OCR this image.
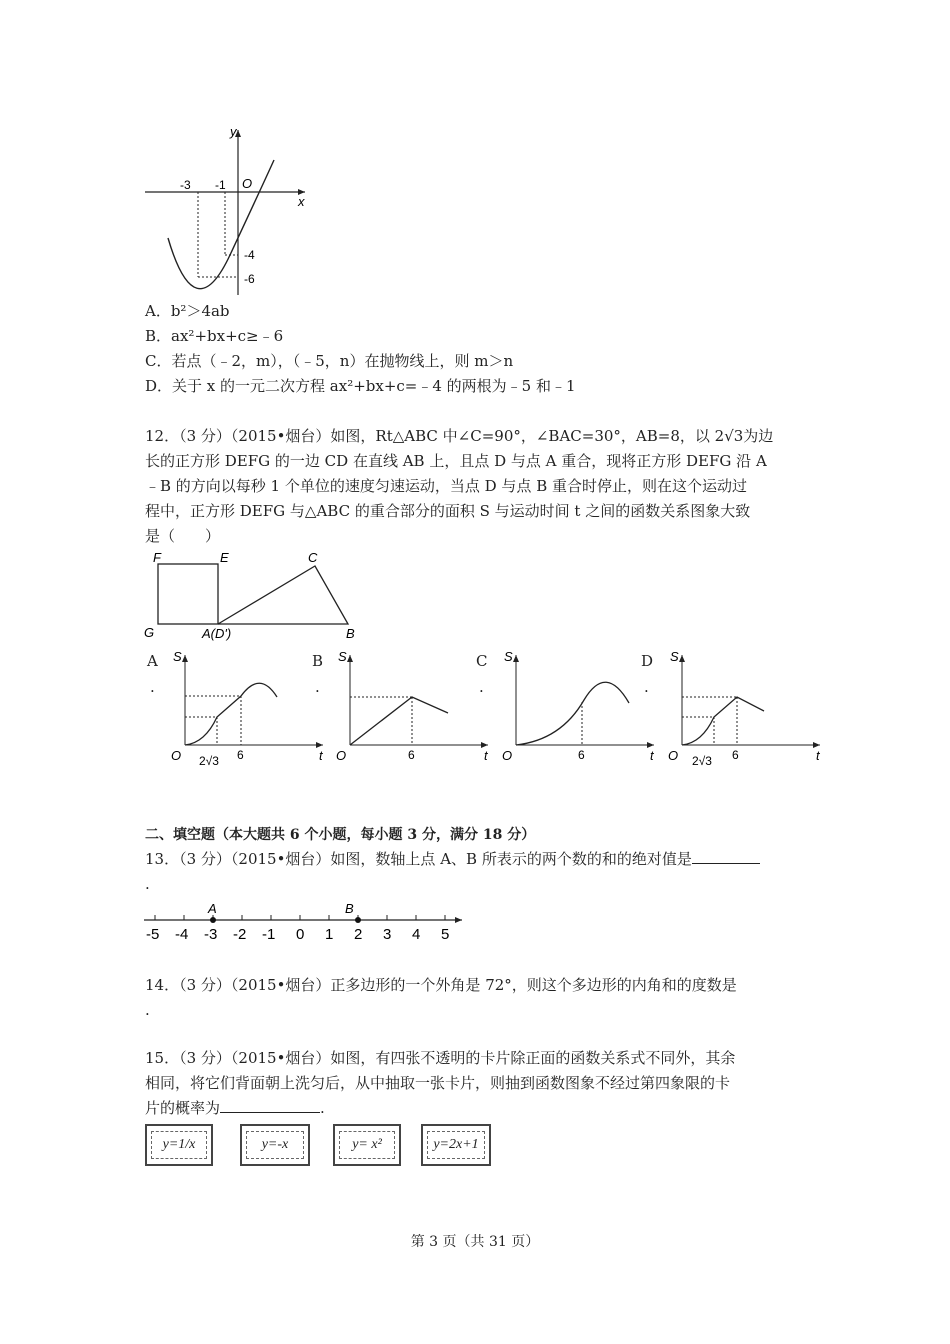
y
x
O
-3 -1
-4
-6
A．b²＞4ab
B．ax²+bx+c≥﹣6
C．若点（﹣2，m），（﹣5，n）在抛物线上，则 m＞n
D．关于 x 的一元二次方程 ax²+bx+c=﹣4 的两根为﹣5 和﹣1
12．（3 分）（2015•烟台）如图，Rt△ABC 中∠C=90°，∠BAC=30°，AB=8，以 2√3为边
长的正方形 DEFG 的一边 CD 在直线 AB 上，且点 D 与点 A 重合，现将正方形 DEFG 沿 A
﹣B 的方向以每秒 1 个单位的速度匀速运动，当点 D 与点 B 重合时停止，则在这个运动过
程中，正方形 DEFG 与△ABC 的重合部分的面积 S 与运动时间 t 之间的函数关系图象大致
是（　　）
F	E	C
G	A(D')	B
A
.
S
t
O 2√3 6
B
.
S
t
O	6
C
.
S
t
O	6
D
.
S
t
O 2√3 6
二、填空题（本大题共 6 个小题，每小题 3 分，满分 18 分）
13．（3 分）（2015•烟台）如图，数轴上点 A、B 所表示的两个数的和的绝对值是
.
-5 -4 -3 -2 -1 0 1 2 3 4 5
A	B
14．（3 分）（2015•烟台）正多边形的一个外角是 72°，则这个多边形的内角和的度数是
.
15．（3 分）（2015•烟台）如图，有四张不透明的卡片除正面的函数关系式不同外，其余
相同，将它们背面朝上洗匀后，从中抽取一张卡片，则抽到函数图象不经过第四象限的卡
片的概率为	.
y=1/x	y=-x	y= x²	y=2x+1
第 3 页（共 31 页）
